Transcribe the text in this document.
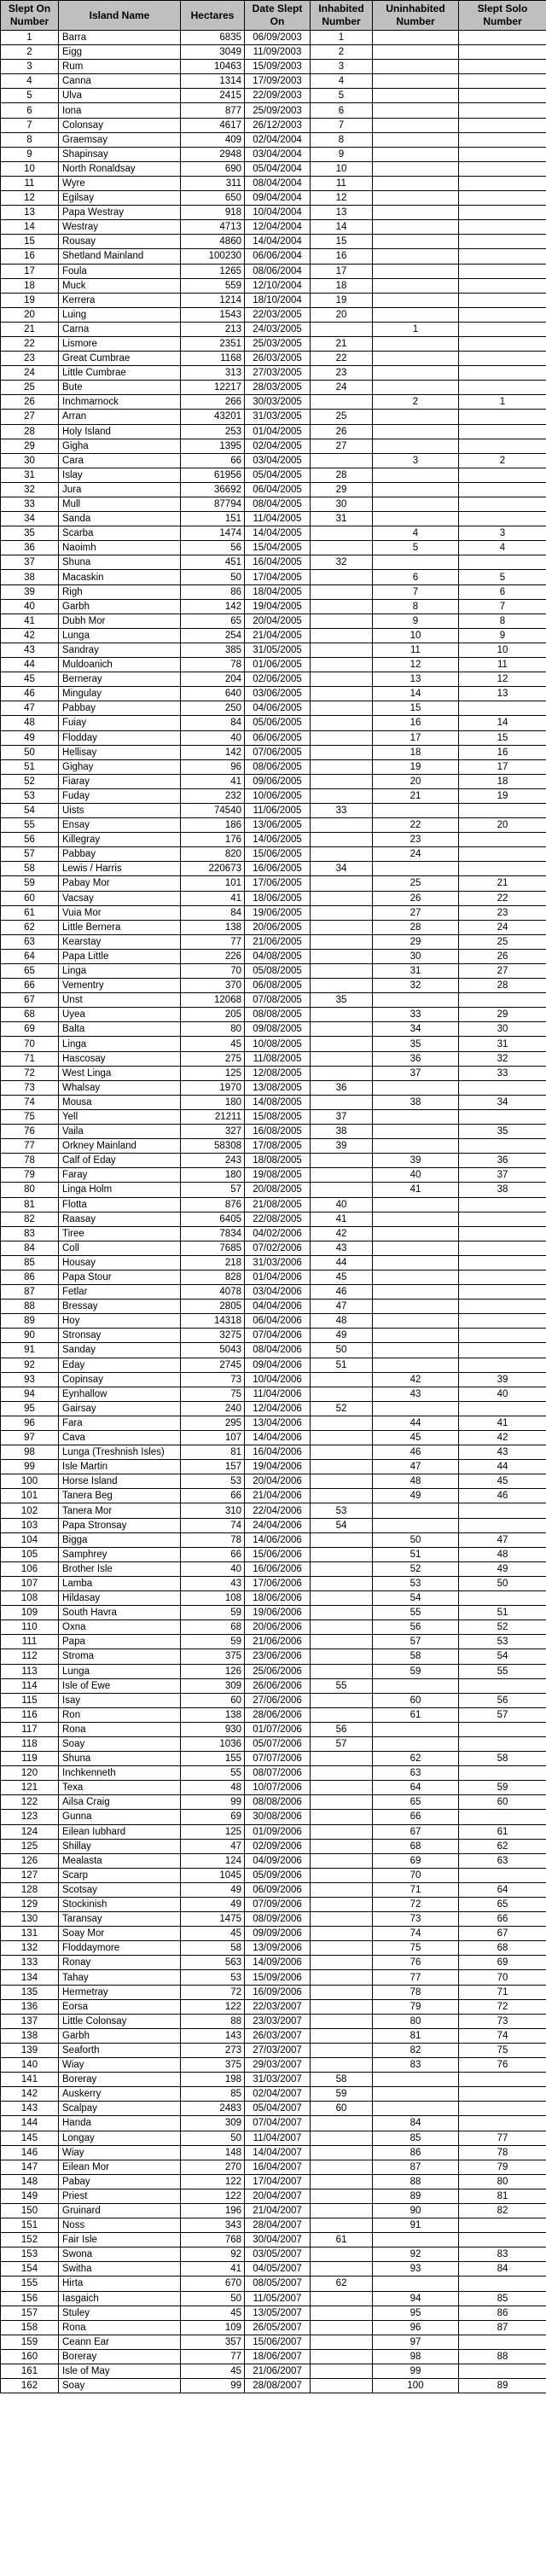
Slept On Number	Island Name	Hectares	Date Slept On	Inhabited Number	Uninhabited Number	Slept Solo Number
1	Barra	6835	06/09/2003	1		
2	Eigg	3049	11/09/2003	2		
3	Rum	10463	15/09/2003	3		
4	Canna	1314	17/09/2003	4		
5	Ulva	2415	22/09/2003	5		
6	Iona	877	25/09/2003	6		
7	Colonsay	4617	26/12/2003	7		
8	Graemsay	409	02/04/2004	8		
9	Shapinsay	2948	03/04/2004	9		
10	North Ronaldsay	690	05/04/2004	10		
11	Wyre	311	08/04/2004	11		
12	Egilsay	650	09/04/2004	12		
13	Papa Westray	918	10/04/2004	13		
14	Westray	4713	12/04/2004	14		
15	Rousay	4860	14/04/2004	15		
16	Shetland Mainland	100230	06/06/2004	16		
17	Foula	1265	08/06/2004	17		
18	Muck	559	12/10/2004	18		
19	Kerrera	1214	18/10/2004	19		
20	Luing	1543	22/03/2005	20		
21	Carna	213	24/03/2005		1	
22	Lismore	2351	25/03/2005	21		
23	Great Cumbrae	1168	26/03/2005	22		
24	Little Cumbrae	313	27/03/2005	23		
25	Bute	12217	28/03/2005	24		
26	Inchmarnock	266	30/03/2005		2	1
27	Arran	43201	31/03/2005	25		
28	Holy Island	253	01/04/2005	26		
29	Gigha	1395	02/04/2005	27		
30	Cara	66	03/04/2005		3	2
31	Islay	61956	05/04/2005	28		
32	Jura	36692	06/04/2005	29		
33	Mull	87794	08/04/2005	30		
34	Sanda	151	11/04/2005	31		
35	Scarba	1474	14/04/2005		4	3
36	Naoimh	56	15/04/2005		5	4
37	Shuna	451	16/04/2005	32		
38	Macaskin	50	17/04/2005		6	5
39	Righ	86	18/04/2005		7	6
40	Garbh	142	19/04/2005		8	7
41	Dubh Mor	65	20/04/2005		9	8
42	Lunga	254	21/04/2005		10	9
43	Sandray	385	31/05/2005		11	10
44	Muldoanich	78	01/06/2005		12	11
45	Berneray	204	02/06/2005		13	12
46	Mingulay	640	03/06/2005		14	13
47	Pabbay	250	04/06/2005		15	
48	Fuiay	84	05/06/2005		16	14
49	Flodday	40	06/06/2005		17	15
50	Hellisay	142	07/06/2005		18	16
51	Gighay	96	08/06/2005		19	17
52	Fiaray	41	09/06/2005		20	18
53	Fuday	232	10/06/2005		21	19
54	Uists	74540	11/06/2005	33		
55	Ensay	186	13/06/2005		22	20
56	Killegray	176	14/06/2005		23	
57	Pabbay	820	15/06/2005		24	
58	Lewis / Harris	220673	16/06/2005	34		
59	Pabay Mor	101	17/06/2005		25	21
60	Vacsay	41	18/06/2005		26	22
61	Vuia Mor	84	19/06/2005		27	23
62	Little Bernera	138	20/06/2005		28	24
63	Kearstay	77	21/06/2005		29	25
64	Papa Little	226	04/08/2005		30	26
65	Linga	70	05/08/2005		31	27
66	Vementry	370	06/08/2005		32	28
67	Unst	12068	07/08/2005	35		
68	Uyea	205	08/08/2005		33	29
69	Balta	80	09/08/2005		34	30
70	Linga	45	10/08/2005		35	31
71	Hascosay	275	11/08/2005		36	32
72	West Linga	125	12/08/2005		37	33
73	Whalsay	1970	13/08/2005	36		
74	Mousa	180	14/08/2005		38	34
75	Yell	21211	15/08/2005	37		
76	Vaila	327	16/08/2005	38		35
77	Orkney Mainland	58308	17/08/2005	39		
78	Calf of Eday	243	18/08/2005		39	36
79	Faray	180	19/08/2005		40	37
80	Linga Holm	57	20/08/2005		41	38
81	Flotta	876	21/08/2005	40		
82	Raasay	6405	22/08/2005	41		
83	Tiree	7834	04/02/2006	42		
84	Coll	7685	07/02/2006	43		
85	Housay	218	31/03/2006	44		
86	Papa Stour	828	01/04/2006	45		
87	Fetlar	4078	03/04/2006	46		
88	Bressay	2805	04/04/2006	47		
89	Hoy	14318	06/04/2006	48		
90	Stronsay	3275	07/04/2006	49		
91	Sanday	5043	08/04/2006	50		
92	Eday	2745	09/04/2006	51		
93	Copinsay	73	10/04/2006		42	39
94	Eynhallow	75	11/04/2006		43	40
95	Gairsay	240	12/04/2006	52		
96	Fara	295	13/04/2006		44	41
97	Cava	107	14/04/2006		45	42
98	Lunga (Treshnish Isles)	81	16/04/2006		46	43
99	Isle Martin	157	19/04/2006		47	44
100	Horse Island	53	20/04/2006		48	45
101	Tanera Beg	66	21/04/2006		49	46
102	Tanera Mor	310	22/04/2006	53		
103	Papa Stronsay	74	24/04/2006	54		
104	Bigga	78	14/06/2006		50	47
105	Samphrey	66	15/06/2006		51	48
106	Brother Isle	40	16/06/2006		52	49
107	Lamba	43	17/06/2006		53	50
108	Hildasay	108	18/06/2006		54	
109	South Havra	59	19/06/2006		55	51
110	Oxna	68	20/06/2006		56	52
111	Papa	59	21/06/2006		57	53
112	Stroma	375	23/06/2006		58	54
113	Lunga	126	25/06/2006		59	55
114	Isle of Ewe	309	26/06/2006	55		
115	Isay	60	27/06/2006		60	56
116	Ron	138	28/06/2006		61	57
117	Rona	930	01/07/2006	56		
118	Soay	1036	05/07/2006	57		
119	Shuna	155	07/07/2006		62	58
120	Inchkenneth	55	08/07/2006		63	
121	Texa	48	10/07/2006		64	59
122	Ailsa Craig	99	08/08/2006		65	60
123	Gunna	69	30/08/2006		66	
124	Eilean Iubhard	125	01/09/2006		67	61
125	Shillay	47	02/09/2006		68	62
126	Mealasta	124	04/09/2006		69	63
127	Scarp	1045	05/09/2006		70	
128	Scotsay	49	06/09/2006		71	64
129	Stockinish	49	07/09/2006		72	65
130	Taransay	1475	08/09/2006		73	66
131	Soay Mor	45	09/09/2006		74	67
132	Floddaymore	58	13/09/2006		75	68
133	Ronay	563	14/09/2006		76	69
134	Tahay	53	15/09/2006		77	70
135	Hermetray	72	16/09/2006		78	71
136	Eorsa	122	22/03/2007		79	72
137	Little Colonsay	88	23/03/2007		80	73
138	Garbh	143	26/03/2007		81	74
139	Seaforth	273	27/03/2007		82	75
140	Wiay	375	29/03/2007		83	76
141	Boreray	198	31/03/2007	58		
142	Auskerry	85	02/04/2007	59		
143	Scalpay	2483	05/04/2007	60		
144	Handa	309	07/04/2007		84	
145	Longay	50	11/04/2007		85	77
146	Wiay	148	14/04/2007		86	78
147	Eilean Mor	270	16/04/2007		87	79
148	Pabay	122	17/04/2007		88	80
149	Priest	122	20/04/2007		89	81
150	Gruinard	196	21/04/2007		90	82
151	Noss	343	28/04/2007		91	
152	Fair Isle	768	30/04/2007	61		
153	Swona	92	03/05/2007		92	83
154	Switha	41	04/05/2007		93	84
155	Hirta	670	08/05/2007	62		
156	Iasgaich	50	11/05/2007		94	85
157	Stuley	45	13/05/2007		95	86
158	Rona	109	26/05/2007		96	87
159	Ceann Ear	357	15/06/2007		97	
160	Boreray	77	18/06/2007		98	88
161	Isle of May	45	21/06/2007		99	
162	Soay	99	28/08/2007		100	89
